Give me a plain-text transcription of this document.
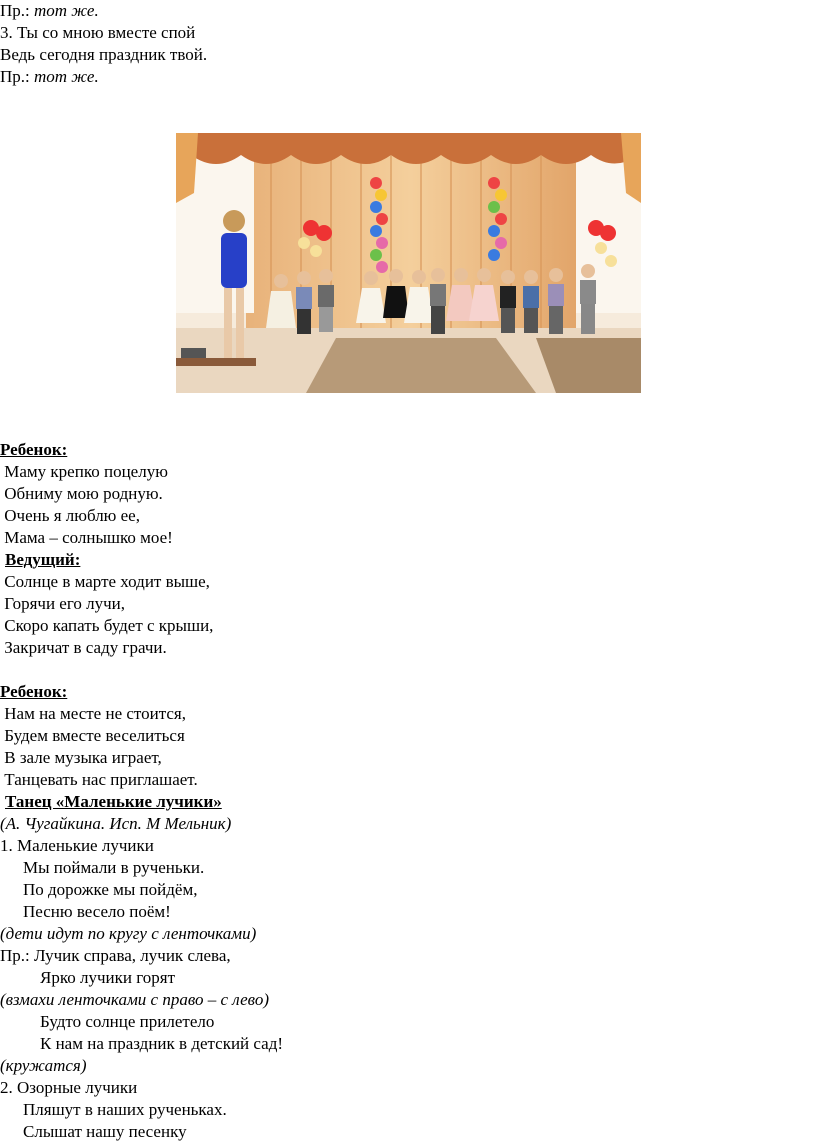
Пр.: тот же.
3. Ты со мною вместе спой
Ведь сегодня праздник твой.
Пр.: тот же.
Ребенок:
Маму крепко поцелую
Обниму мою родную.
Очень я люблю ее,
Мама – солнышко мое!
Ведущий:
Солнце в марте ходит выше,
Горячи его лучи,
Скоро капать будет с крыши,
Закричат в саду грачи.
Ребенок:
Нам на месте не стоится,
Будем вместе веселиться
В зале музыка играет,
Танцевать нас приглашает.
Танец «Маленькие лучики»
(А. Чугайкина. Исп. М Мельник)
1. Маленькие лучики
Мы поймали в рученьки.
По дорожке мы пойдём,
Песню весело поём!
(дети идут по кругу с ленточками)
Пр.: Лучик справа, лучик слева,
Ярко лучики горят
(взмахи ленточками с право – с лево)
Будто солнце прилетело
К нам на праздник в детский сад!
(кружатся)
2. Озорные лучики
Пляшут в наших рученьках.
Слышат нашу песенку
